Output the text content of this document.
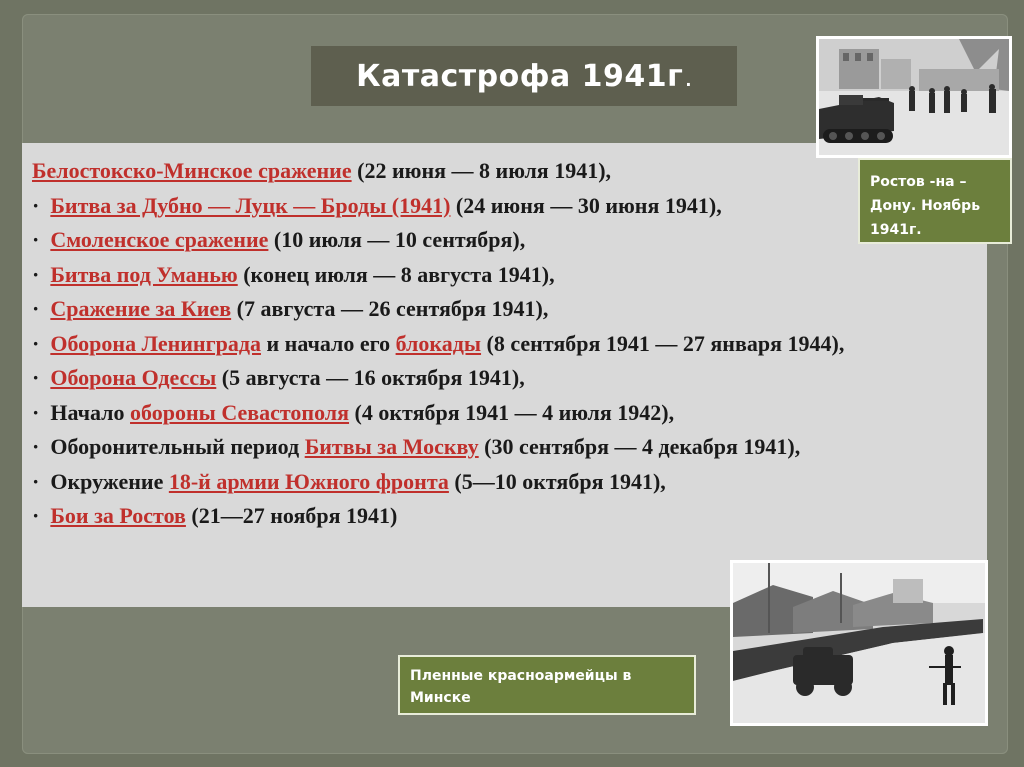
Катастрофа 1941г .
Белостокско-Минское сражение (22 июня — 8 июля 1941),
· Битва за Дубно — Луцк — Броды (1941) (24 июня — 30 июня 1941),
· Смоленское сражение (10 июля — 10 сентября),
· Битва под Уманью (конец июля — 8 августа 1941),
· Сражение за Киев (7 августа — 26 сентября 1941),
· Оборона Ленинграда и начало его блокады (8 сентября 1941 — 27 января 1944),
· Оборона Одессы (5 августа — 16 октября 1941),
· Начало обороны Севастополя (4 октября 1941 — 4 июля 1942),
· Оборонительный период Битвы за Москву (30 сентября — 4 декабря 1941),
· Окружение 18-й армии Южного фронта (5—10 октября 1941),
· Бои за Ростов (21—27 ноября 1941)
Ростов -на –Дону. Ноябрь 1941г.
Пленные красноармейцы в Минске
